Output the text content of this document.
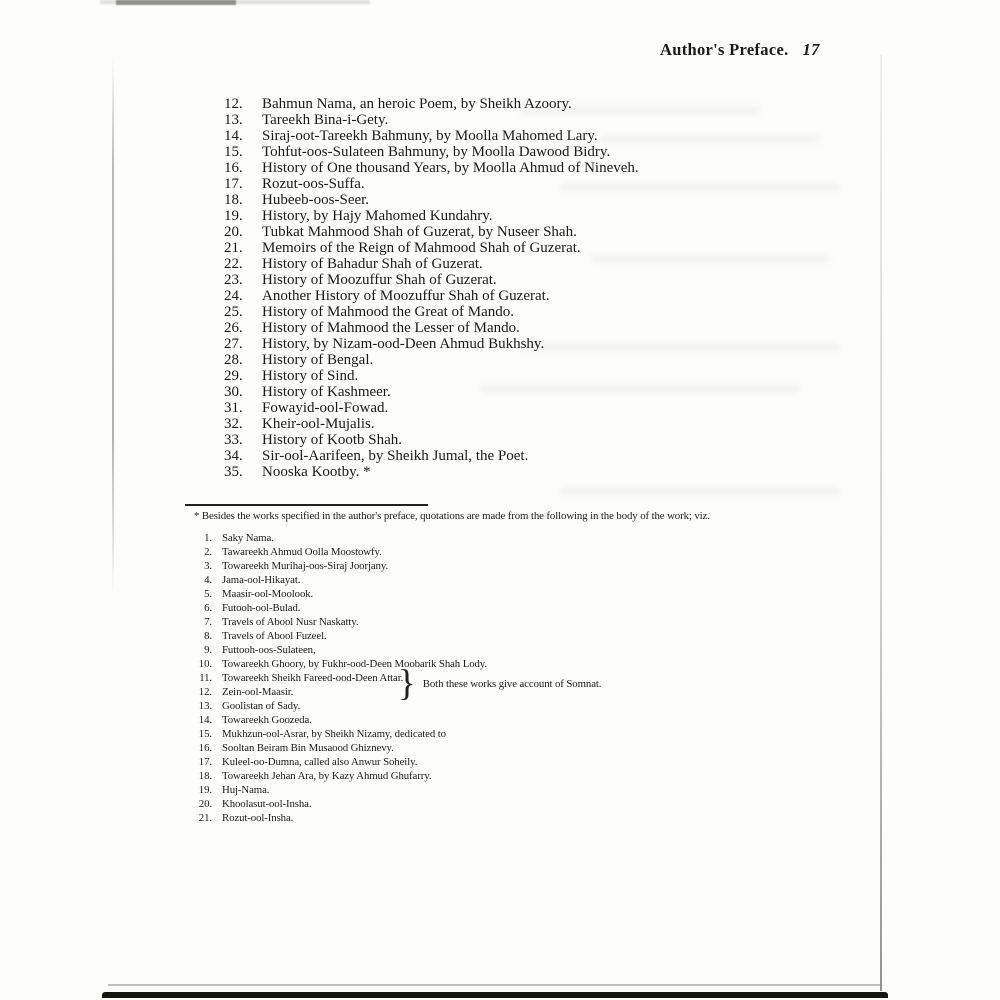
Author's Preface. 17
12.	Bahmun Nama, an heroic Poem, by Sheikh Azoory.
13.	Tareekh Bina-i-Gety.
14.	Siraj-oot-Tareekh Bahmuny, by Moolla Mahomed Lary.
15.	Tohfut-oos-Sulateen Bahmuny, by Moolla Dawood Bidry.
16.	History of One thousand Years, by Moolla Ahmud of Nineveh.
17.	Rozut-oos-Suffa.
18.	Hubeeb-oos-Seer.
19.	History, by Hajy Mahomed Kundahry.
20.	Tubkat Mahmood Shah of Guzerat, by Nuseer Shah.
21.	Memoirs of the Reign of Mahmood Shah of Guzerat.
22.	History of Bahadur Shah of Guzerat.
23.	History of Moozuffur Shah of Guzerat.
24.	Another History of Moozuffur Shah of Guzerat.
25.	History of Mahmood the Great of Mando.
26.	History of Mahmood the Lesser of Mando.
27.	History, by Nizam-ood-Deen Ahmud Bukhshy.
28.	History of Bengal.
29.	History of Sind.
30.	History of Kashmeer.
31.	Fowayid-ool-Fowad.
32.	Kheir-ool-Mujalis.
33.	History of Kootb Shah.
34.	Sir-ool-Aarifeen, by Sheikh Jumal, the Poet.
35.	Nooska Kootby. *
* Besides the works specified in the author's preface, quotations are made from the following in the body of the work; viz.
1. Saky Nama.
2. Tawareekh Ahmud Oolla Moostowfy.
3. Towareekh Murihaj-oos-Siraj Joorjany.
4. Jama-ool-Hikayat.
5. Maasir-ool-Moolook.
6. Futooh-ool-Bulad.
7. Travels of Abool Nusr Naskatty.
8. Travels of Abool Fuzeel.
9. Futtooh-oos-Sulateen,
10. Towareekh Ghoory, by Fukhr-ood-Deen Moobarik Shah Lody.
11. Towareekh Sheikh Fareed-ood-Deen Attar.
12. Zein-ool-Maasir.
13. Goolistan of Sady.
14. Towareekh Goozeda.
15. Mukhzun-ool-Asrar, by Sheikh Nizamy, dedicated to
16. Sooltan Beiram Bin Musaood Ghiznevy.
17. Kuleel-oo-Dumna, called also Anwur Soheily.
18. Towareekh Jehan Ara, by Kazy Ahmud Ghufarry.
19. Huj-Nama.
20. Khoolasut-ool-Insha.
21. Rozut-ool-Insha.
} Both these works give account of Somnat.
